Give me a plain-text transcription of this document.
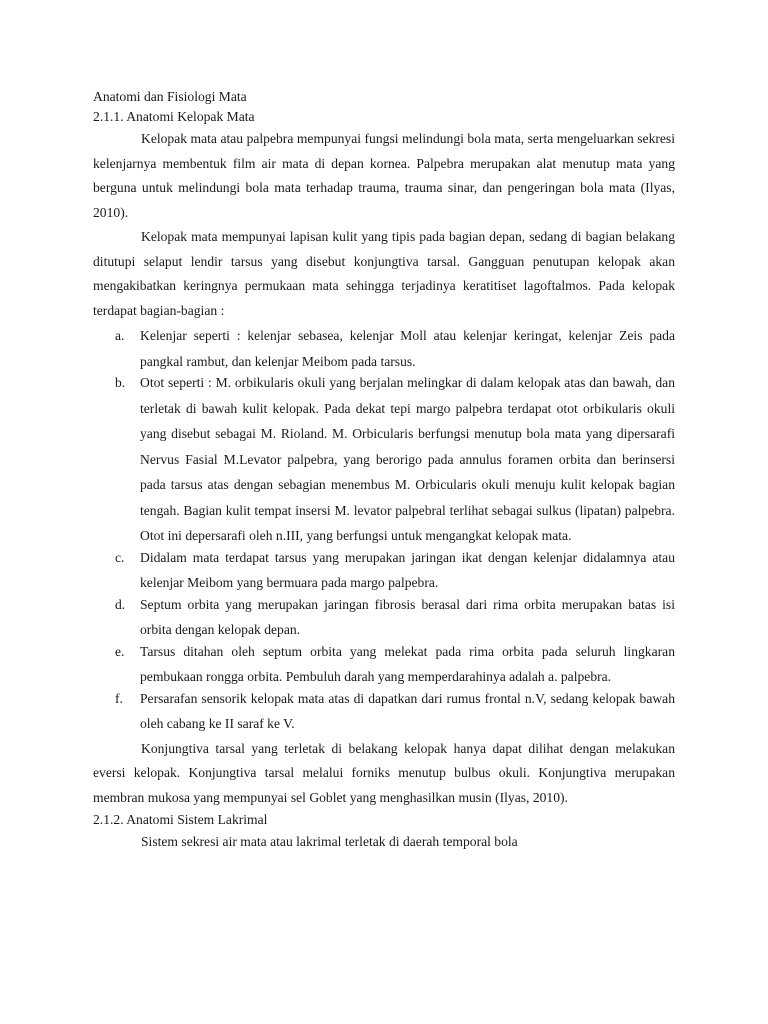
Anatomi dan Fisiologi Mata

2.1.1. Anatomi Kelopak Mata

Kelopak mata atau palpebra mempunyai fungsi melindungi bola mata, serta mengeluarkan sekresi kelenjarnya membentuk film air mata di depan kornea. Palpebra merupakan alat menutup mata yang berguna untuk melindungi bola mata terhadap trauma, trauma sinar, dan pengeringan bola mata (Ilyas, 2010).

Kelopak mata mempunyai lapisan kulit yang tipis pada bagian depan, sedang di bagian belakang ditutupi selaput lendir tarsus yang disebut konjungtiva tarsal. Gangguan penutupan kelopak akan mengakibatkan keringnya permukaan mata sehingga terjadinya keratitiset lagoftalmos. Pada kelopak terdapat bagian-bagian :

a. Kelenjar seperti : kelenjar sebasea, kelenjar Moll atau kelenjar keringat, kelenjar Zeis pada pangkal rambut, dan kelenjar Meibom pada tarsus.
b. Otot seperti : M. orbikularis okuli yang berjalan melingkar di dalam kelopak atas dan bawah, dan terletak di bawah kulit kelopak. Pada dekat tepi margo palpebra terdapat otot orbikularis okuli yang disebut sebagai M. Rioland. M. Orbicularis berfungsi menutup bola mata yang dipersarafi Nervus Fasial M.Levator palpebra, yang berorigo pada annulus foramen orbita dan berinsersi pada tarsus atas dengan sebagian menembus M. Orbicularis okuli menuju kulit kelopak bagian tengah. Bagian kulit tempat insersi M. levator palpebral terlihat sebagai sulkus (lipatan) palpebra. Otot ini depersarafi oleh n.III, yang berfungsi untuk mengangkat kelopak mata.
c. Didalam mata terdapat tarsus yang merupakan jaringan ikat dengan kelenjar didalamnya atau kelenjar Meibom yang bermuara pada margo palpebra.
d. Septum orbita yang merupakan jaringan fibrosis berasal dari rima orbita merupakan batas isi orbita dengan kelopak depan.
e. Tarsus ditahan oleh septum orbita yang melekat pada rima orbita pada seluruh lingkaran pembukaan rongga orbita. Pembuluh darah yang memperdarahinya adalah a. palpebra.
f. Persarafan sensorik kelopak mata atas di dapatkan dari rumus frontal n.V, sedang kelopak bawah oleh cabang ke II saraf ke V.

Konjungtiva tarsal yang terletak di belakang kelopak hanya dapat dilihat dengan melakukan eversi kelopak. Konjungtiva tarsal melalui forniks menutup bulbus okuli. Konjungtiva merupakan membran mukosa yang mempunyai sel Goblet yang menghasilkan musin (Ilyas, 2010).

2.1.2. Anatomi Sistem Lakrimal

Sistem sekresi air mata atau lakrimal terletak di daerah temporal bola
